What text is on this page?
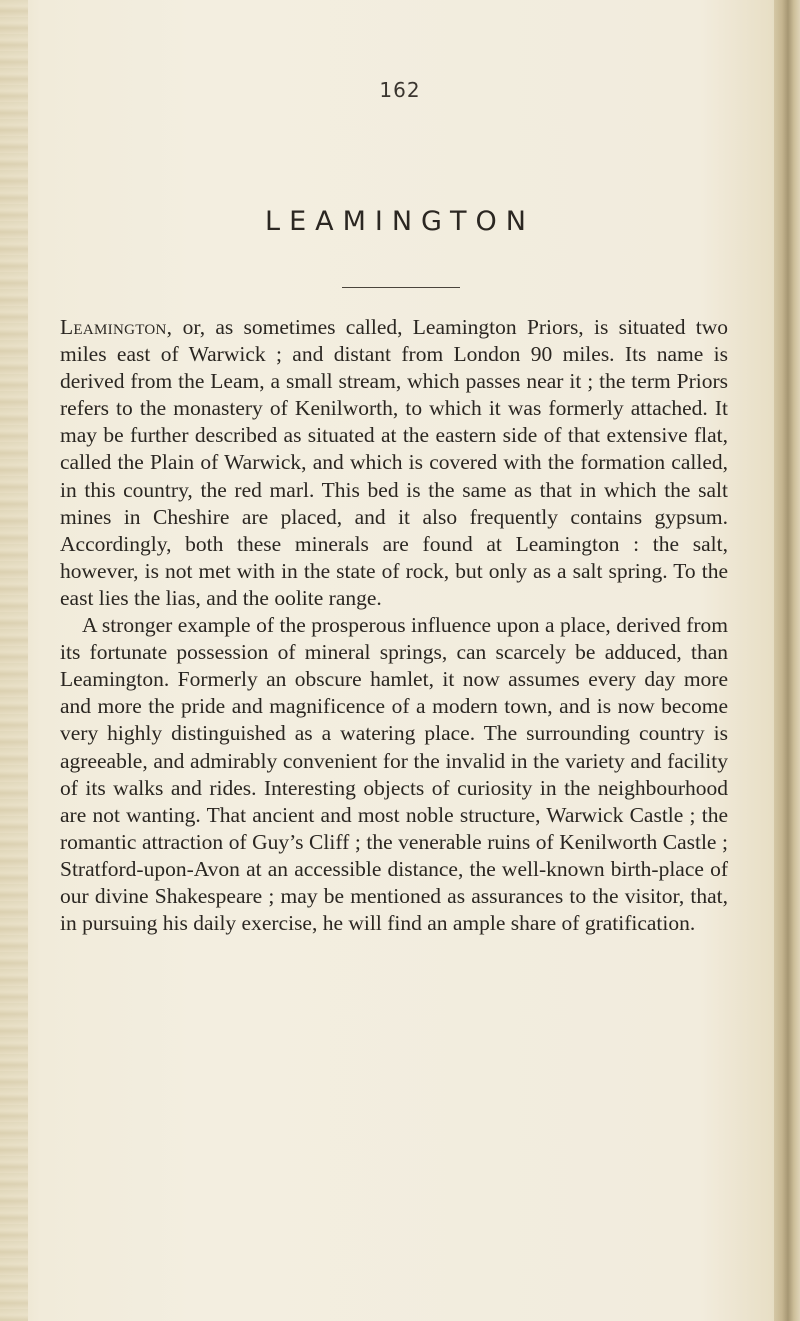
162
LEAMINGTON

Leamington, or, as sometimes called, Leamington Priors, is situated two miles east of Warwick ; and distant from London 90 miles. Its name is derived from the Leam, a small stream, which passes near it ; the term Priors refers to the monastery of Kenilworth, to which it was formerly attached. It may be further described as situated at the eastern side of that extensive flat, called the Plain of Warwick, and which is covered with the formation called, in this country, the red marl. This bed is the same as that in which the salt mines in Cheshire are placed, and it also frequently contains gypsum. Accordingly, both these minerals are found at Leamington : the salt, however, is not met with in the state of rock, but only as a salt spring. To the east lies the lias, and the oolite range.

A stronger example of the prosperous influence upon a place, derived from its fortunate possession of mineral springs, can scarcely be adduced, than Leamington. Formerly an obscure hamlet, it now assumes every day more and more the pride and magnificence of a modern town, and is now become very highly distinguished as a watering place. The surrounding country is agreeable, and admirably convenient for the invalid in the variety and facility of its walks and rides. Interesting objects of curiosity in the neighbourhood are not wanting. That ancient and most noble structure, Warwick Castle ; the romantic attraction of Guy’s Cliff ; the venerable ruins of Kenilworth Castle ; Stratford-upon-Avon at an accessible distance, the well-known birth-place of our divine Shakespeare ; may be mentioned as assurances to the visitor, that, in pursuing his daily exercise, he will find an ample share of gratification.
